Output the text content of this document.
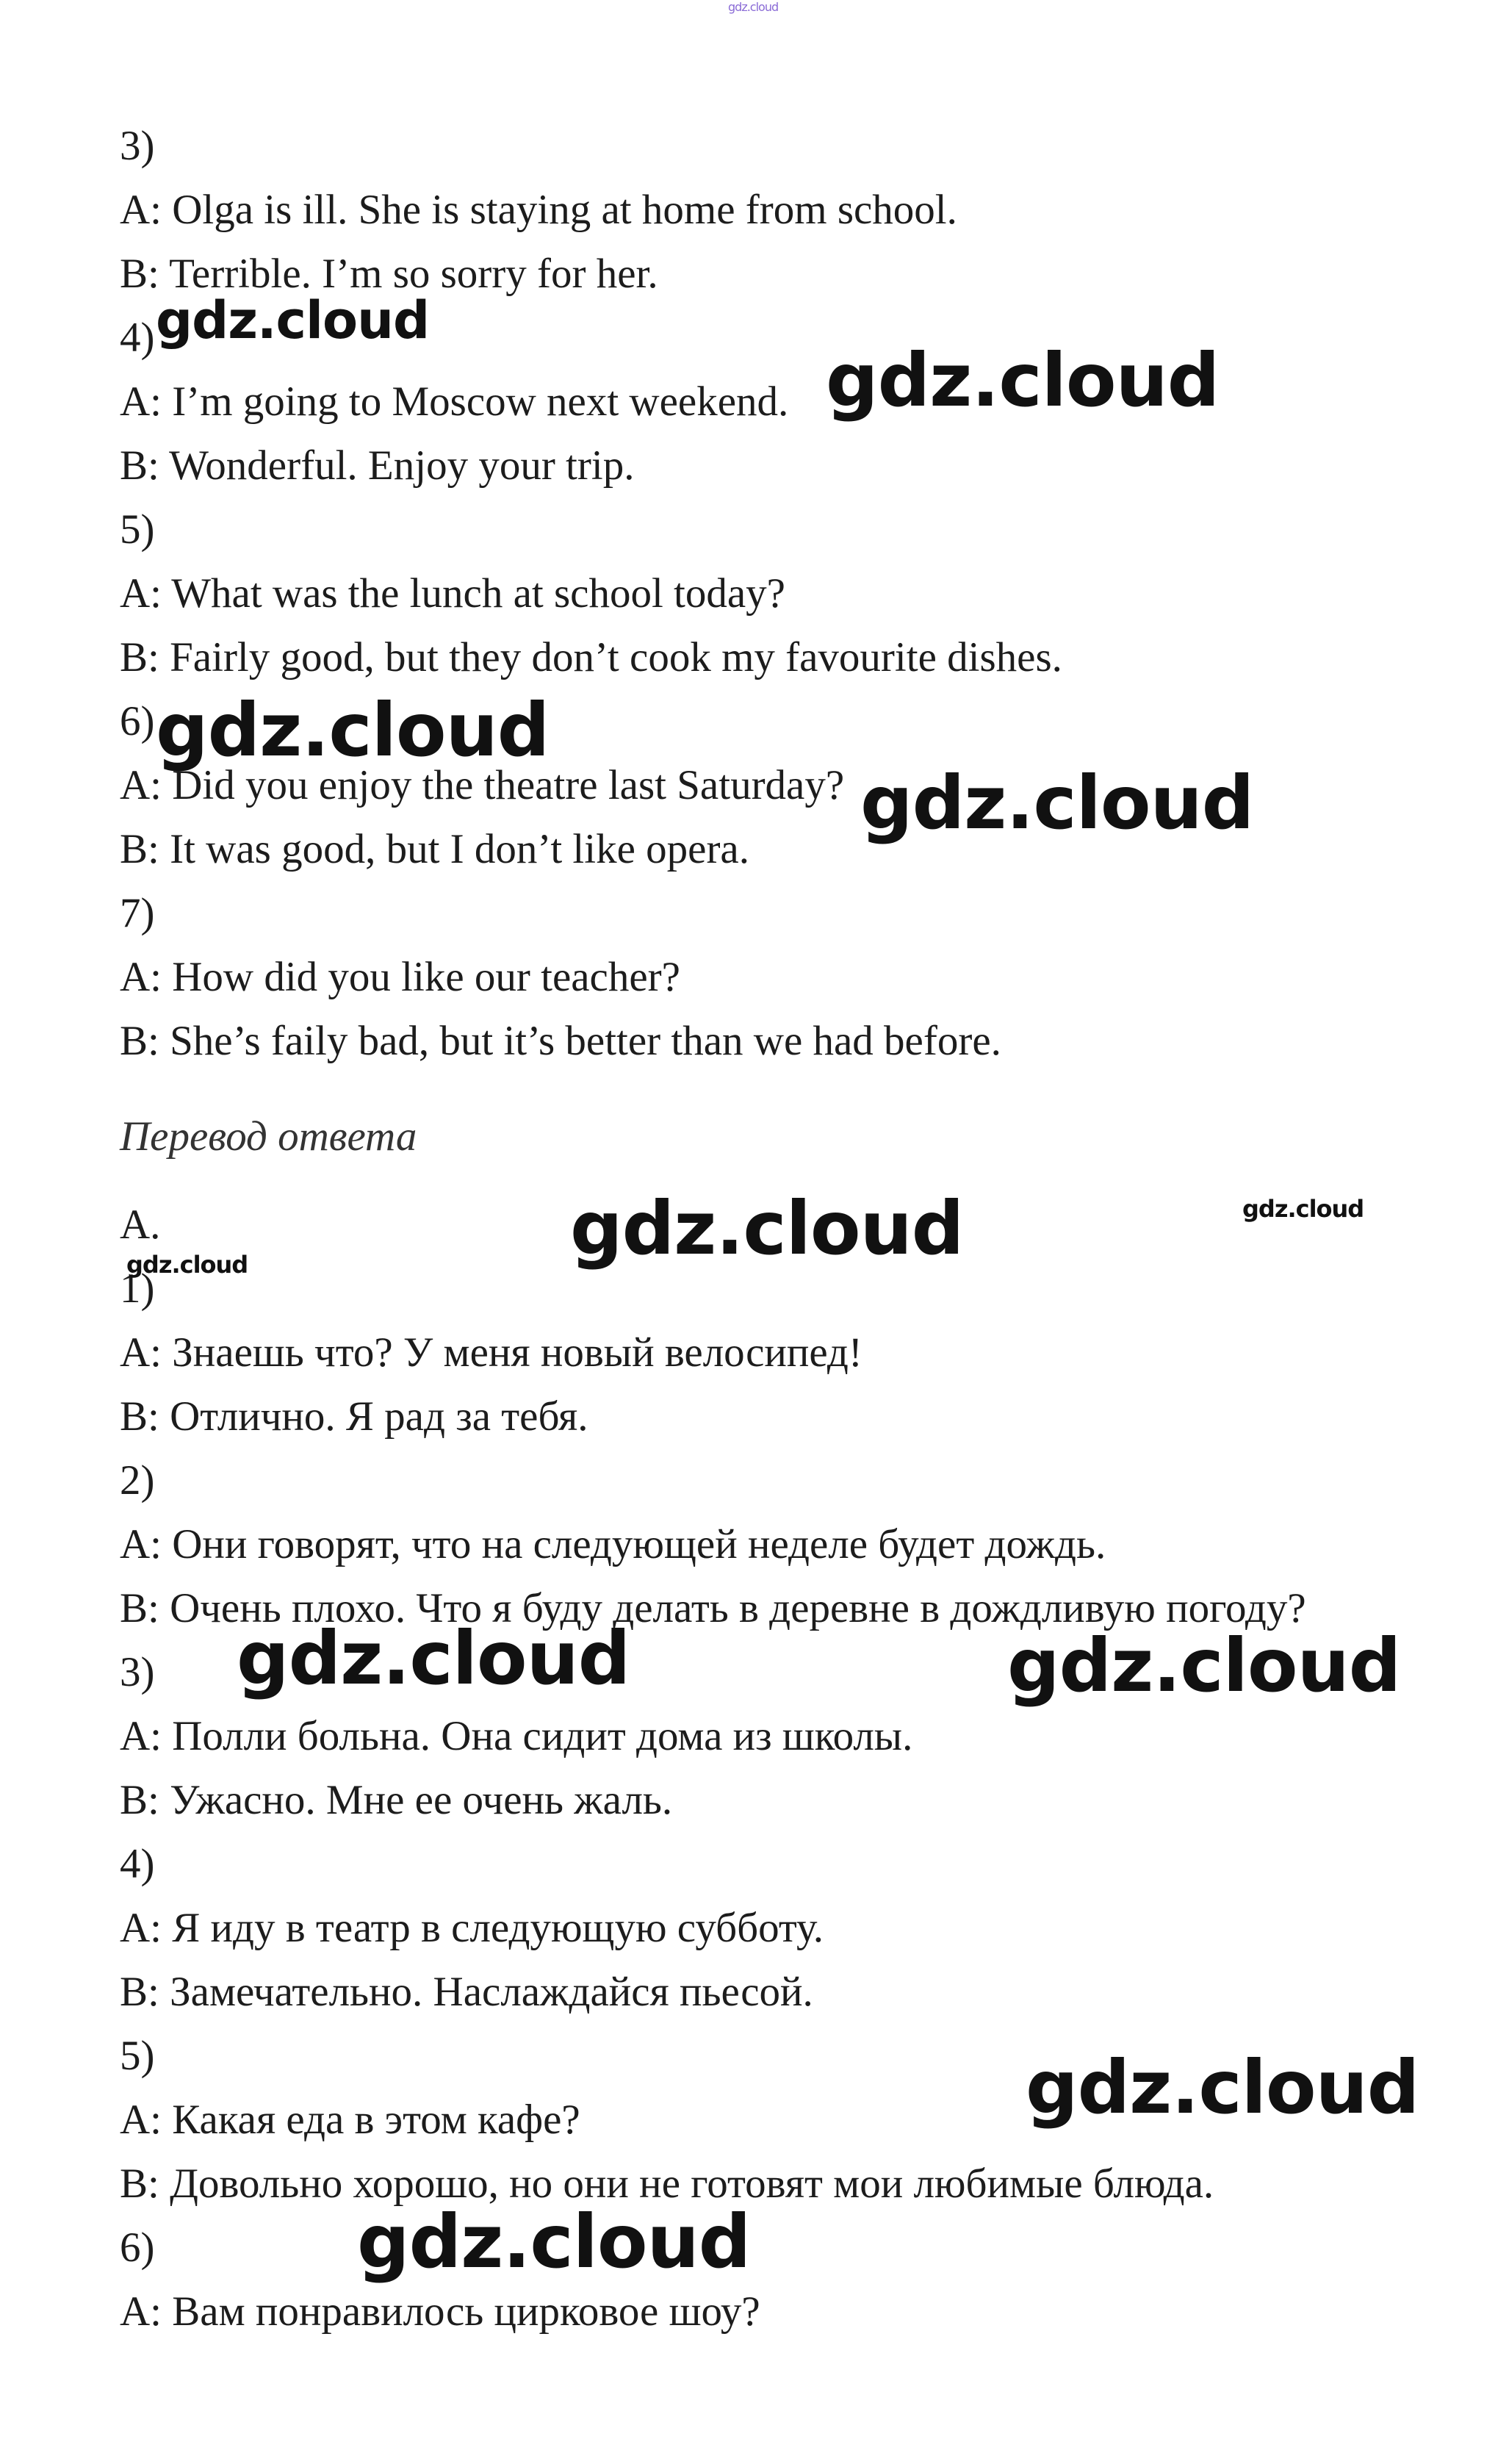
gdz.cloud
3)
A: Olga is ill. She is staying at home from school.
B: Terrible. I’m so sorry for her.
4)
A: I’m going to Moscow next weekend.
B: Wonderful. Enjoy your trip.
5)
A: What was the lunch at school today?
B: Fairly good, but they don’t cook my favourite dishes.
6)
A: Did you enjoy the theatre last Saturday?
B: It was good, but I don’t like opera.
7)
A: How did you like our teacher?
B: She’s faily bad, but it’s better than we had before.
Перевод ответа
A.
1)
A: Знаешь что? У меня новый велосипед!
B: Отлично. Я рад за тебя.
2)
A: Они говорят, что на следующей неделе будет дождь.
B: Очень плохо. Что я буду делать в деревне в дождливую погоду?
3)
A: Полли больна. Она сидит дома из школы.
B: Ужасно. Мне ее очень жаль.
4)
A: Я иду в театр в следующую субботу.
B: Замечательно. Наслаждайся пьесой.
5)
A: Какая еда в этом кафе?
B: Довольно хорошо, но они не готовят мои любимые блюда.
6)
A: Вам понравилось цирковое шоу?
gdz.cloud
gdz.cloud
gdz.cloud
gdz.cloud
gdz.cloud	gdz.cloud
gdz.cloud
gdz.cloud	gdz.cloud
gdz.cloud
gdz.cloud
